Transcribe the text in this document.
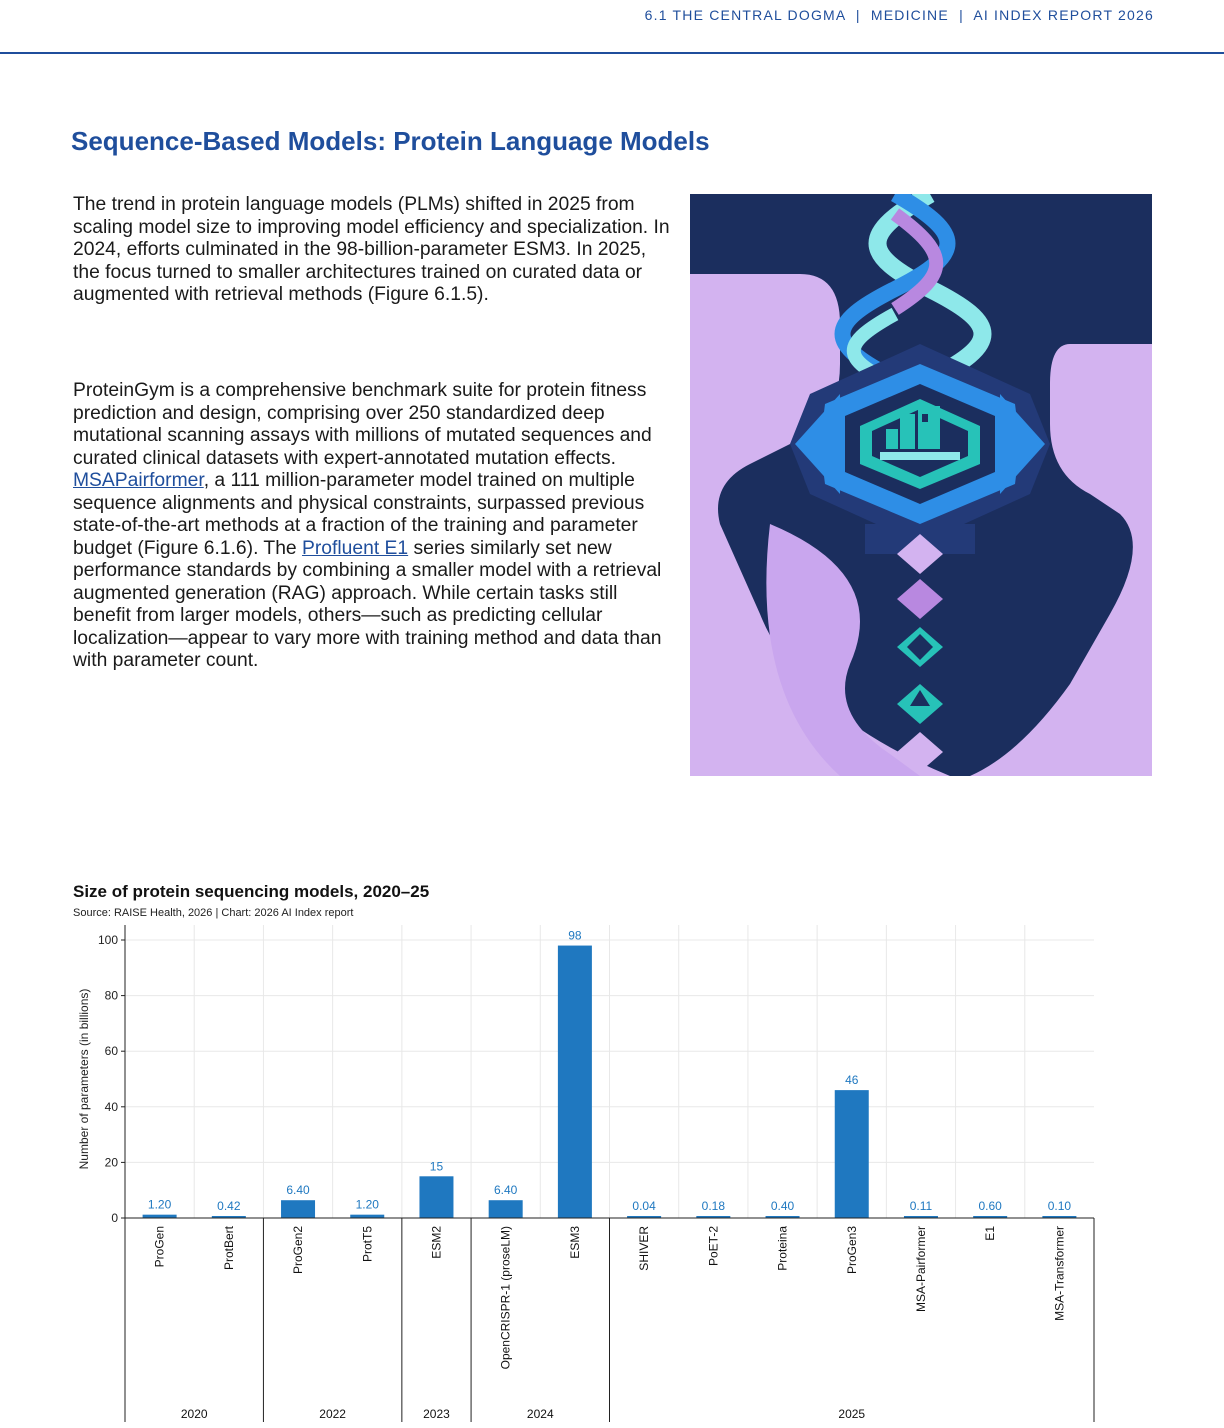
6.1 THE CENTRAL DOGMA  |  MEDICINE  |  AI INDEX REPORT 2026
Sequence-Based Models: Protein Language Models

The trend in protein language models (PLMs) shifted in 2025 from scaling model size to improving model efficiency and specialization. In 2024, efforts culminated in the 98-billion-parameter ESM3. In 2025, the focus turned to smaller architectures trained on curated data or augmented with retrieval methods (Figure 6.1.5).

ProteinGym is a comprehensive benchmark suite for protein fitness prediction and design, comprising over 250 standardized deep mutational scanning assays with millions of mutated sequences and curated clinical datasets with expert-annotated mutation effects. MSAPairformer, a 111 million-parameter model trained on multiple sequence alignments and physical constraints, surpassed previous state-of-the-art methods at a fraction of the training and parameter budget (Figure 6.1.6). The Profluent E1 series similarly set new performance standards by combining a smaller model with a retrieval augmented generation (RAG) approach. While certain tasks still benefit from larger models, others—such as predicting cellular localization—appear to vary more with training method and data than with parameter count.

Size of protein sequencing models, 2020–25
Source: RAISE Health, 2026 | Chart: 2026 AI Index report
0
20
40
60
80
100
Number of parameters (in billions)
1.20
ProGen
0.42
ProtBert
6.40
ProGen2
1.20
ProtT5
15
ESM2
6.40
OpenCRISPR-1 (proseLM)
98
ESM3
0.04
SHIVER
0.18
PoET-2
0.40
Proteina
46
ProGen3
0.11
MSA-Pairformer
0.60
E1
0.10
MSA-Transformer
2020	2022	2023	2024	2025
